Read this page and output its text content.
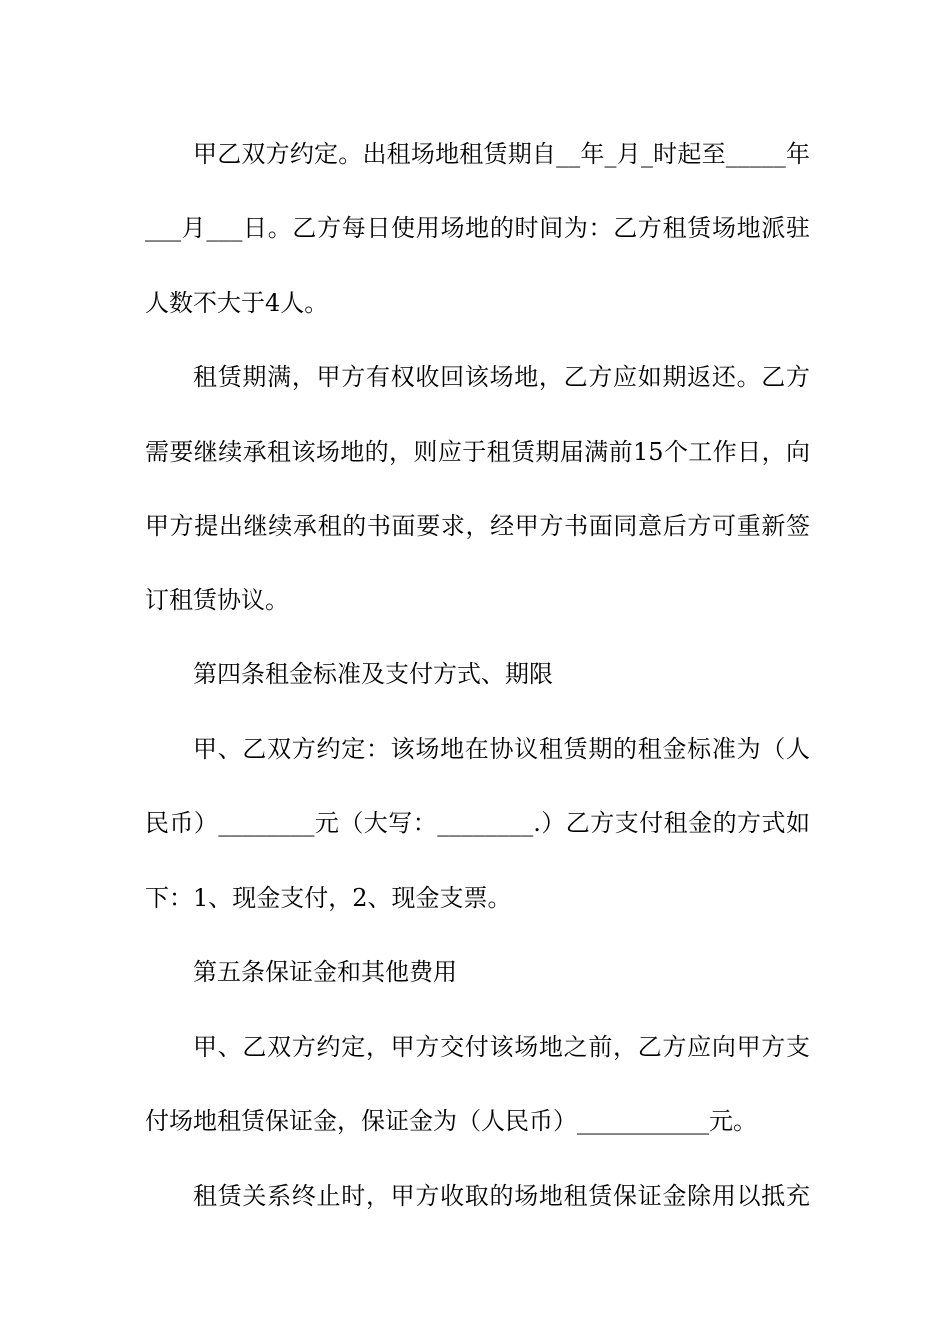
甲乙双方约定。出租场地租赁期自__年_月_时起至_____年
___月___日。乙方每日使用场地的时间为：乙方租赁场地派驻
人数不大于4人。
租赁期满，甲方有权收回该场地，乙方应如期返还。乙方
需要继续承租该场地的，则应于租赁期届满前15个工作日，向
甲方提出继续承租的书面要求，经甲方书面同意后方可重新签
订租赁协议。
第四条租金标准及支付方式、期限
甲、乙双方约定：该场地在协议租赁期的租金标准为（人
民币）________元（大写：________.）乙方支付租金的方式如
下：1、现金支付，2、现金支票。
第五条保证金和其他费用
甲、乙双方约定，甲方交付该场地之前，乙方应向甲方支
付场地租赁保证金，保证金为（人民币）___________元。
租赁关系终止时，甲方收取的场地租赁保证金除用以抵充
